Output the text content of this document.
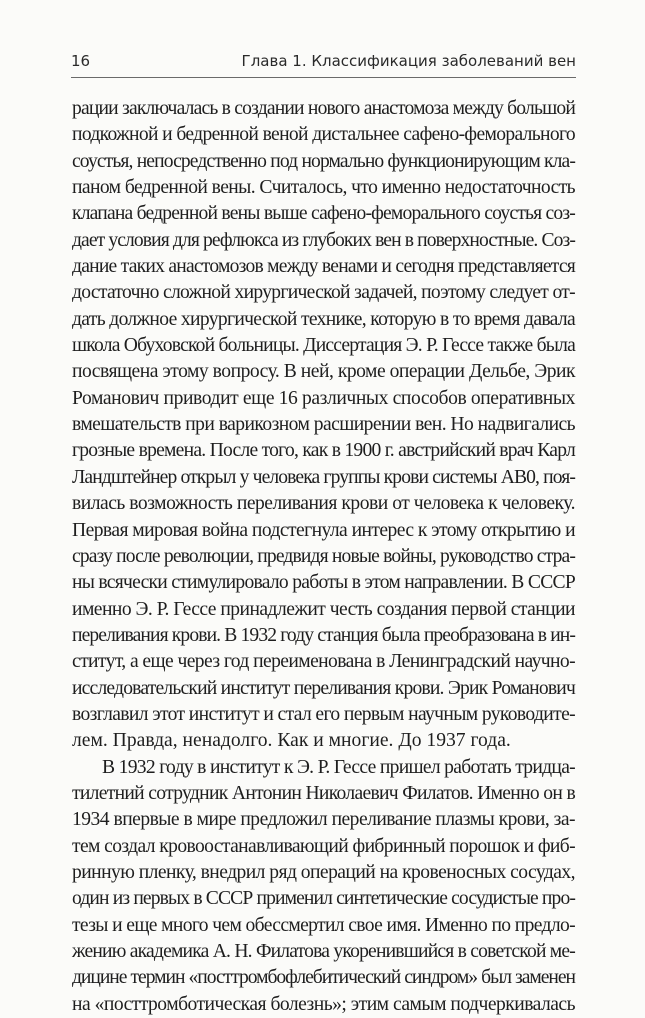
16	Глава 1. Классификация заболеваний вен
рации заключалась в создании нового анастомоза между большой
подкожной и бедренной веной дистальнее сафено-феморального
соустья, непосредственно под нормально функционирующим кла-
паном бедренной вены. Считалось, что именно недостаточность
клапана бедренной вены выше сафено-феморального соустья соз-
дает условия для рефлюкса из глубоких вен в поверхностные. Соз-
дание таких анастомозов между венами и сегодня представляется
достаточно сложной хирургической задачей, поэтому следует от-
дать должное хирургической технике, которую в то время давала
школа Обуховской больницы. Диссертация Э. Р. Гессе также была
посвящена этому вопросу. В ней, кроме операции Дельбе, Эрик
Романович приводит еще 16 различных способов оперативных
вмешательств при варикозном расширении вен. Но надвигались
грозные времена. После того, как в 1900 г. австрийский врач Карл
Ландштейнер открыл у человека группы крови системы АВ0, поя-
вилась возможность переливания крови от человека к человеку.
Первая мировая война подстегнула интерес к этому открытию и
сразу после революции, предвидя новые войны, руководство стра-
ны всячески стимулировало работы в этом направлении. В СССР
именно Э. Р. Гессе принадлежит честь создания первой станции
переливания крови. В 1932 году станция была преобразована в ин-
ститут, а еще через год переименована в Ленинградский научно-
исследовательский институт переливания крови. Эрик Романович
возглавил этот институт и стал его первым научным руководите-
лем. Правда, ненадолго. Как и многие. До 1937 года.
В 1932 году в институт к Э. Р. Гессе пришел работать тридца-
тилетний сотрудник Антонин Николаевич Филатов. Именно он в
1934 впервые в мире предложил переливание плазмы крови, за-
тем создал кровоостанавливающий фибринный порошок и фиб-
ринную пленку, внедрил ряд операций на кровеносных сосудах,
один из первых в СССР применил синтетические сосудистые про-
тезы и еще много чем обессмертил свое имя. Именно по предло-
жению академика А. Н. Филатова укоренившийся в советской ме-
дицине термин «посттромбофлебитический синдром» был заменен
на «посттромботическая болезнь»; этим самым подчеркивалась
